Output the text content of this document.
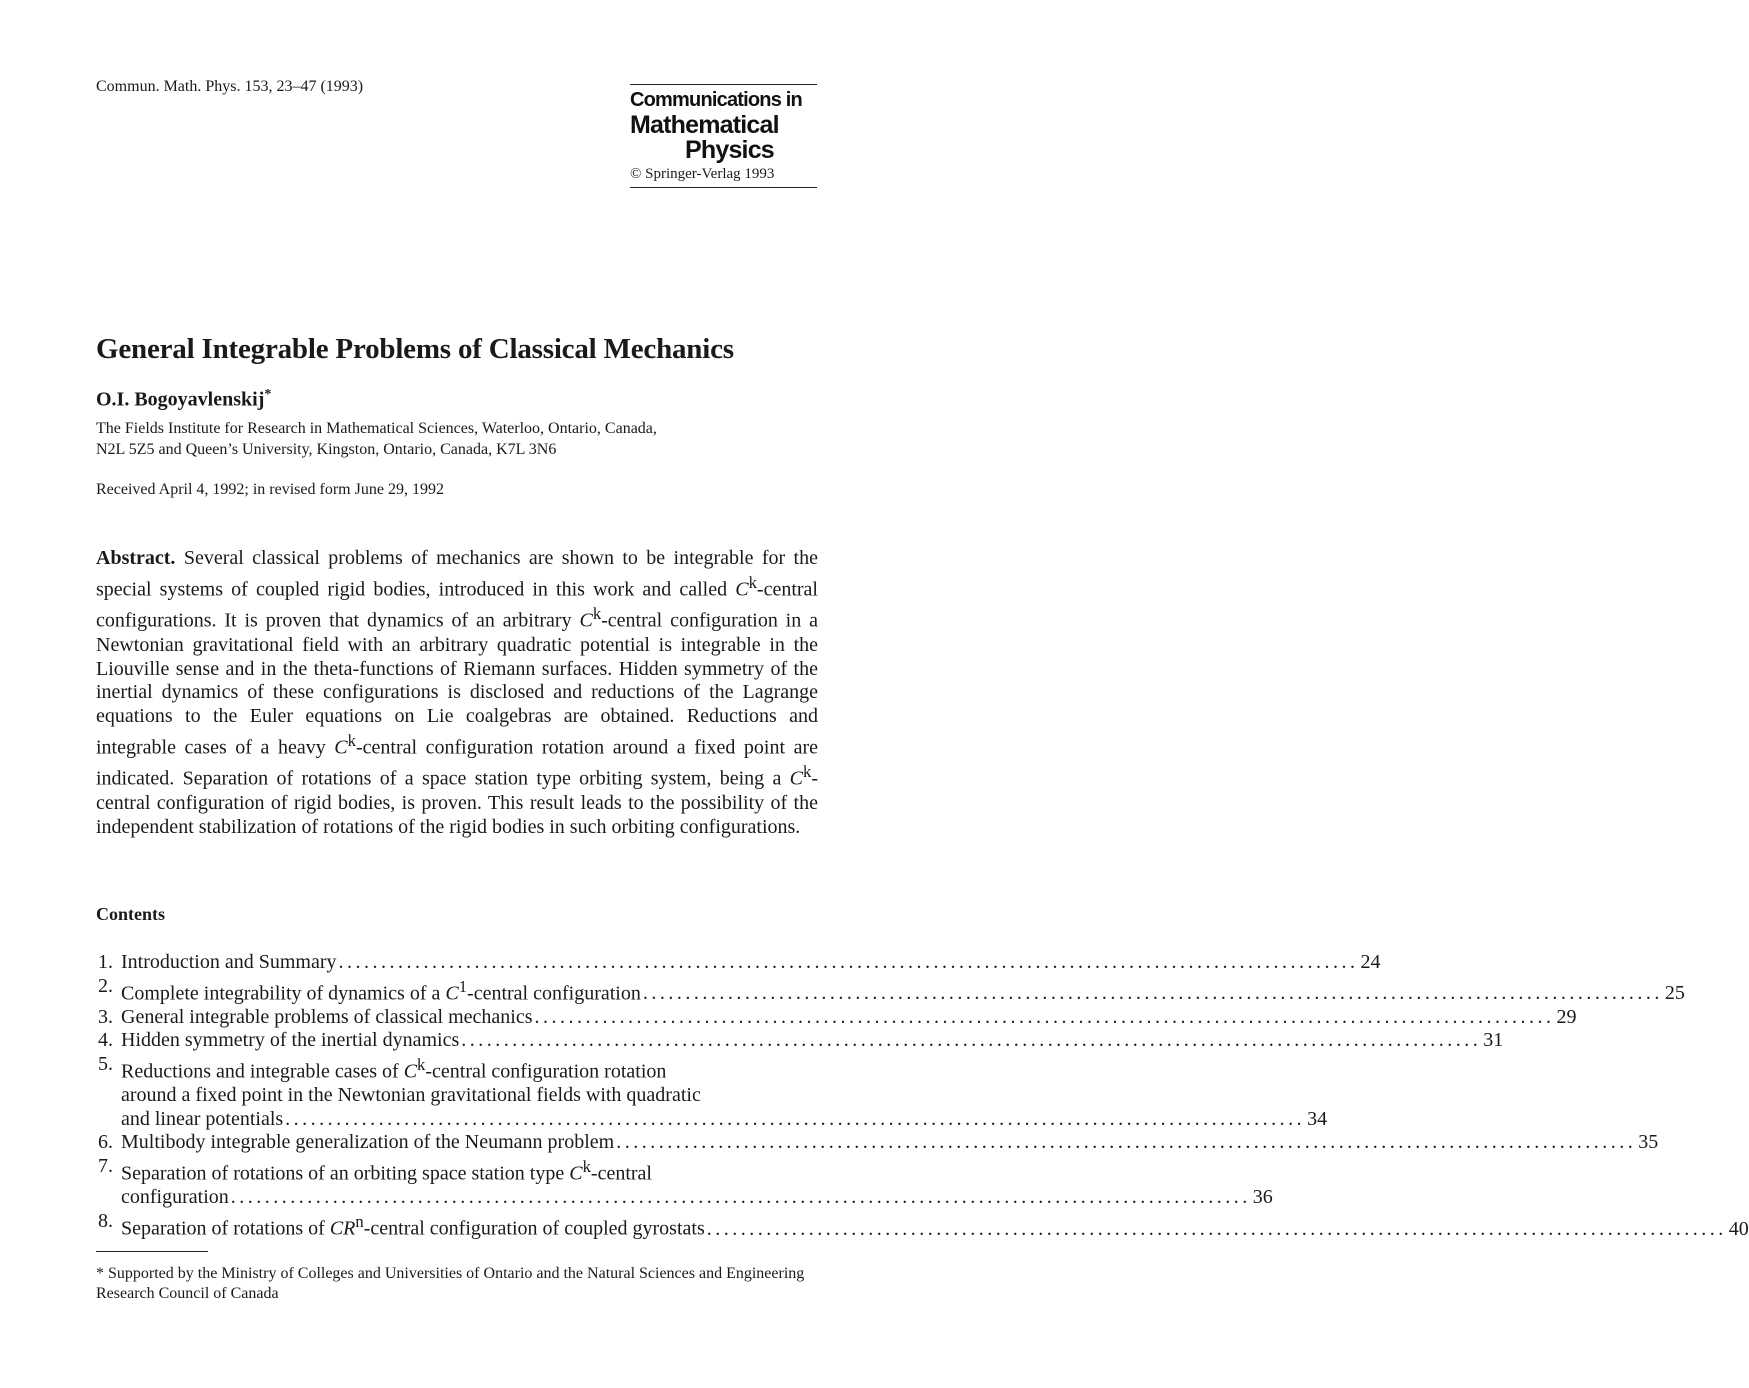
Commun. Math. Phys. 153, 23–47 (1993)
Communications in
Mathematical
Physics
© Springer-Verlag 1993
General Integrable Problems of Classical Mechanics
O.I. Bogoyavlenskij*
The Fields Institute for Research in Mathematical Sciences, Waterloo, Ontario, Canada,
N2L 5Z5 and Queen’s University, Kingston, Ontario, Canada, K7L 3N6
Received April 4, 1992; in revised form June 29, 1992
Abstract. Several classical problems of mechanics are shown to be integrable for the special systems of coupled rigid bodies, introduced in this work and called $C^k$-central configurations. It is proven that dynamics of an arbitrary $C^k$-central configuration in a Newtonian gravitational field with an arbitrary quadratic potential is integrable in the Liouville sense and in the theta-functions of Riemann surfaces. Hidden symmetry of the inertial dynamics of these configurations is disclosed and reductions of the Lagrange equations to the Euler equations on Lie coalgebras are obtained. Reductions and integrable cases of a heavy $C^k$-central configuration rotation around a fixed point are indicated. Separation of rotations of a space station type orbiting system, being a $C^k$-central configuration of rigid bodies, is proven. This result leads to the possibility of the independent stabilization of rotations of the rigid bodies in such orbiting configurations.
Contents
1. Introduction and Summary .....	24
2. Complete integrability of dynamics of a $C^1$-central configuration .....	25
3. General integrable problems of classical mechanics .....	29
4. Hidden symmetry of the inertial dynamics .....	31
5. Reductions and integrable cases of $C^k$-central configuration rotation
around a fixed point in the Newtonian gravitational fields with quadratic
and linear potentials .....	34
6. Multibody integrable generalization of the Neumann problem .....	35
7. Separation of rotations of an orbiting space station type $C^k$-central
configuration .....	36
8. Separation of rotations of $CR^n$-central configuration of coupled gyrostats .....	40
* Supported by the Ministry of Colleges and Universities of Ontario and the Natural Sciences and Engineering Research Council of Canada
